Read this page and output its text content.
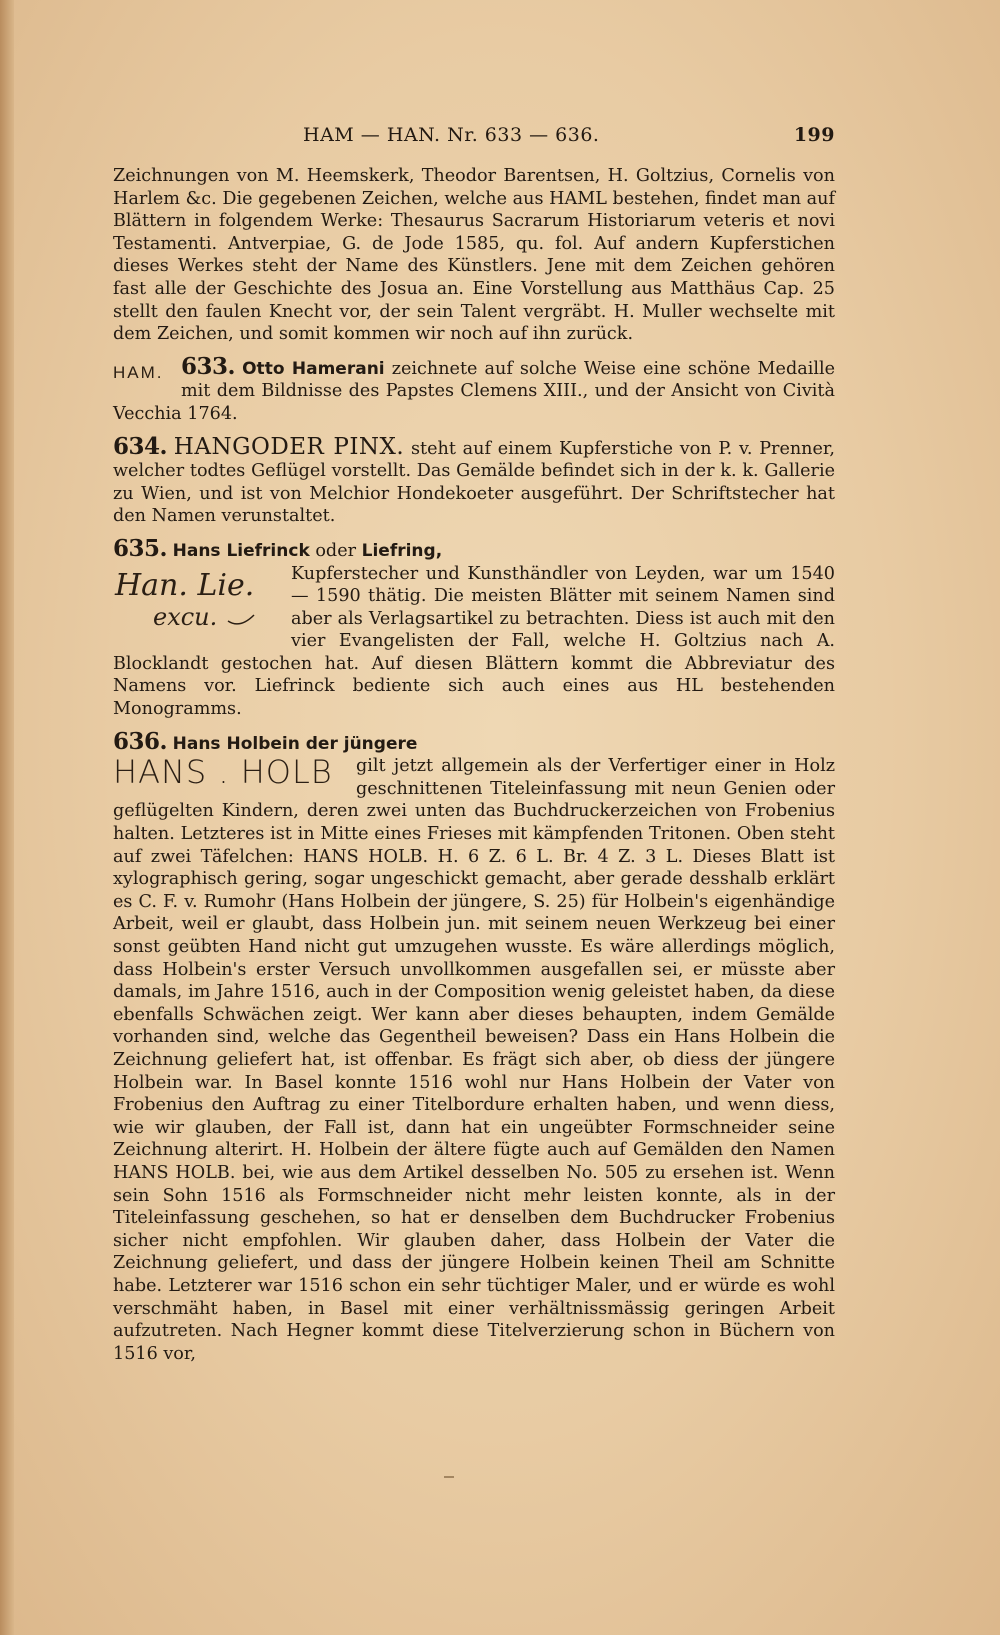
HAM — HAN. Nr. 633 — 636.	199

Zeichnungen von M. Heemskerk, Theodor Barentsen, H. Goltzius, Cornelis von Harlem &c. Die gegebenen Zeichen, welche aus HAML bestehen, findet man auf Blättern in folgendem Werke: Thesaurus Sacrarum Historiarum veteris et novi Testamenti. Antverpiae, G. de Jode 1585, qu. fol. Auf andern Kupferstichen dieses Werkes steht der Name des Künstlers. Jene mit dem Zeichen gehören fast alle der Geschichte des Josua an. Eine Vorstellung aus Matthäus Cap. 25 stellt den faulen Knecht vor, der sein Talent vergräbt. H. Muller wechselte mit dem Zeichen, und somit kommen wir noch auf ihn zurück.

HAM. 633. Otto Hamerani zeichnete auf solche Weise eine schöne Medaille mit dem Bildnisse des Papstes Clemens XIII., und der Ansicht von Cività Vecchia 1764.

634. HANGODER PINX. steht auf einem Kupferstiche von P. v. Prenner, welcher todtes Geflügel vorstellt. Das Gemälde befindet sich in der k. k. Gallerie zu Wien, und ist von Melchior Hondekoeter ausgeführt. Der Schriftstecher hat den Namen verunstaltet.

635. Hans Liefrinck oder Liefring,

Han. Lie.
excu.
Kupferstecher und Kunsthändler von Leyden, war um 1540 — 1590 thätig. Die meisten Blätter mit seinem Namen sind aber als Verlagsartikel zu betrachten. Diess ist auch mit den vier Evangelisten der Fall, welche H. Goltzius nach A. Blocklandt gestochen hat. Auf diesen Blättern kommt die Abbreviatur des Namens vor. Liefrinck bediente sich auch eines aus HL bestehenden Monogramms.

636. Hans Holbein der jüngere

HANS . HOLB	gilt jetzt allgemein als der Verfertiger einer in Holz geschnittenen Titeleinfassung mit neun Genien oder geflügelten Kindern, deren zwei unten das Buchdruckerzeichen von Frobenius halten. Letzteres ist in Mitte eines Frieses mit kämpfenden Tritonen. Oben steht auf zwei Täfelchen: HANS HOLB. H. 6 Z. 6 L. Br. 4 Z. 3 L. Dieses Blatt ist xylographisch gering, sogar ungeschickt gemacht, aber gerade desshalb erklärt es C. F. v. Rumohr (Hans Holbein der jüngere, S. 25) für Holbein's eigenhändige Arbeit, weil er glaubt, dass Holbein jun. mit seinem neuen Werkzeug bei einer sonst geübten Hand nicht gut umzugehen wusste. Es wäre allerdings möglich, dass Holbein's erster Versuch unvollkommen ausgefallen sei, er müsste aber damals, im Jahre 1516, auch in der Composition wenig geleistet haben, da diese ebenfalls Schwächen zeigt. Wer kann aber dieses behaupten, indem Gemälde vorhanden sind, welche das Gegentheil beweisen? Dass ein Hans Holbein die Zeichnung geliefert hat, ist offenbar. Es frägt sich aber, ob diess der jüngere Holbein war. In Basel konnte 1516 wohl nur Hans Holbein der Vater von Frobenius den Auftrag zu einer Titelbordure erhalten haben, und wenn diess, wie wir glauben, der Fall ist, dann hat ein ungeübter Formschneider seine Zeichnung alterirt. H. Holbein der ältere fügte auch auf Gemälden den Namen HANS HOLB. bei, wie aus dem Artikel desselben No. 505 zu ersehen ist. Wenn sein Sohn 1516 als Formschneider nicht mehr leisten konnte, als in der Titeleinfassung geschehen, so hat er denselben dem Buchdrucker Frobenius sicher nicht empfohlen. Wir glauben daher, dass Holbein der Vater die Zeichnung geliefert, und dass der jüngere Holbein keinen Theil am Schnitte habe. Letzterer war 1516 schon ein sehr tüchtiger Maler, und er würde es wohl verschmäht haben, in Basel mit einer verhältnissmässig geringen Arbeit aufzutreten. Nach Hegner kommt diese Titelverzierung schon in Büchern von 1516 vor,
